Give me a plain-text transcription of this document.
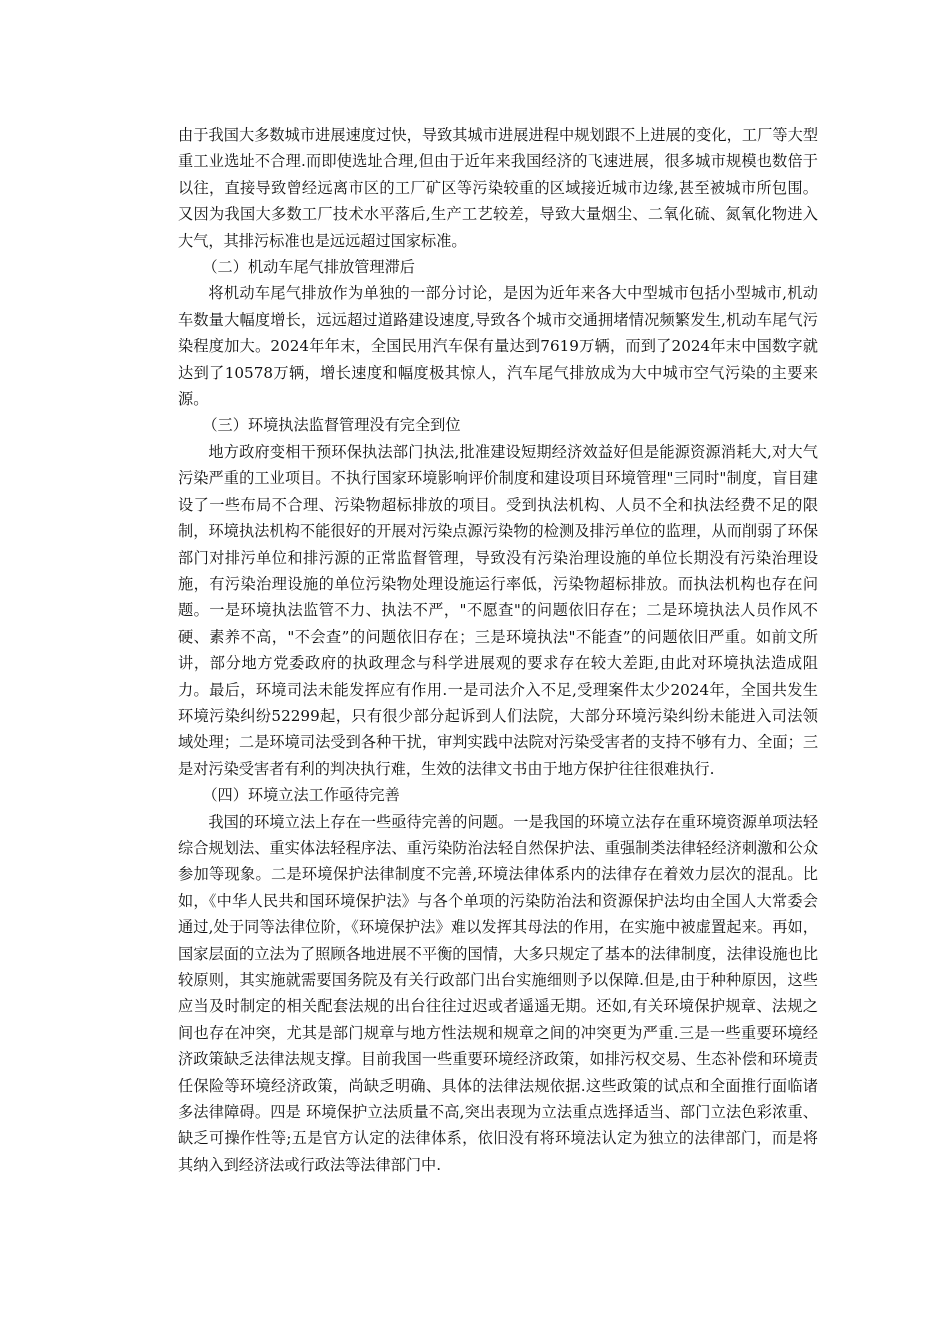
由于我国大多数城市进展速度过快，导致其城市进展进程中规划跟不上进展的变化，工厂等大型重工业选址不合理.而即使选址合理,但由于近年来我国经济的飞速进展，很多城市规模也数倍于以往，直接导致曾经远离市区的工厂矿区等污染较重的区域接近城市边缘,甚至被城市所包围。又因为我国大多数工厂技术水平落后,生产工艺较差，导致大量烟尘、二氧化硫、氮氧化物进入大气，其排污标准也是远远超过国家标准。

（二）机动车尾气排放管理滞后

将机动车尾气排放作为单独的一部分讨论，是因为近年来各大中型城市包括小型城市,机动车数量大幅度增长，远远超过道路建设速度,导致各个城市交通拥堵情况频繁发生,机动车尾气污染程度加大。2024年年末，全国民用汽车保有量达到7619万辆，而到了2024年末中国数字就达到了10578万辆，增长速度和幅度极其惊人，汽车尾气排放成为大中城市空气污染的主要来源。

（三）环境执法监督管理没有完全到位

地方政府变相干预环保执法部门执法,批准建设短期经济效益好但是能源资源消耗大,对大气污染严重的工业项目。不执行国家环境影响评价制度和建设项目环境管理"三同时"制度，盲目建设了一些布局不合理、污染物超标排放的项目。受到执法机构、人员不全和执法经费不足的限制，环境执法机构不能很好的开展对污染点源污染物的检测及排污单位的监理，从而削弱了环保部门对排污单位和排污源的正常监督管理，导致没有污染治理设施的单位长期没有污染治理设施，有污染治理设施的单位污染物处理设施运行率低，污染物超标排放。而执法机构也存在问题。一是环境执法监管不力、执法不严，"不愿查"的问题依旧存在；二是环境执法人员作风不硬、素养不高，"不会查”的问题依旧存在；三是环境执法"不能查”的问题依旧严重。如前文所讲，部分地方党委政府的执政理念与科学进展观的要求存在较大差距,由此对环境执法造成阻力。最后，环境司法未能发挥应有作用.一是司法介入不足,受理案件太少2024年，全国共发生环境污染纠纷52299起，只有很少部分起诉到人们法院，大部分环境污染纠纷未能进入司法领域处理；二是环境司法受到各种干扰，审判实践中法院对污染受害者的支持不够有力、全面；三是对污染受害者有利的判决执行难，生效的法律文书由于地方保护往往很难执行.

（四）环境立法工作亟待完善

我国的环境立法上存在一些亟待完善的问题。一是我国的环境立法存在重环境资源单项法轻综合规划法、重实体法轻程序法、重污染防治法轻自然保护法、重强制类法律轻经济刺激和公众参加等现象。二是环境保护法律制度不完善,环境法律体系内的法律存在着效力层次的混乱。比如，《中华人民共和国环境保护法》与各个单项的污染防治法和资源保护法均由全国人大常委会通过,处于同等法律位阶，《环境保护法》难以发挥其母法的作用，在实施中被虚置起来。再如，国家层面的立法为了照顾各地进展不平衡的国情，大多只规定了基本的法律制度，法律设施也比较原则，其实施就需要国务院及有关行政部门出台实施细则予以保障.但是,由于种种原因，这些应当及时制定的相关配套法规的出台往往过迟或者遥遥无期。还如,有关环境保护规章、法规之间也存在冲突，尤其是部门规章与地方性法规和规章之间的冲突更为严重.三是一些重要环境经济政策缺乏法律法规支撑。目前我国一些重要环境经济政策，如排污权交易、生态补偿和环境责任保险等环境经济政策，尚缺乏明确、具体的法律法规依据.这些政策的试点和全面推行面临诸多法律障碍。四是 环境保护立法质量不高,突出表现为立法重点选择适当、部门立法色彩浓重、缺乏可操作性等;五是官方认定的法律体系，依旧没有将环境法认定为独立的法律部门，而是将其纳入到经济法或行政法等法律部门中.
